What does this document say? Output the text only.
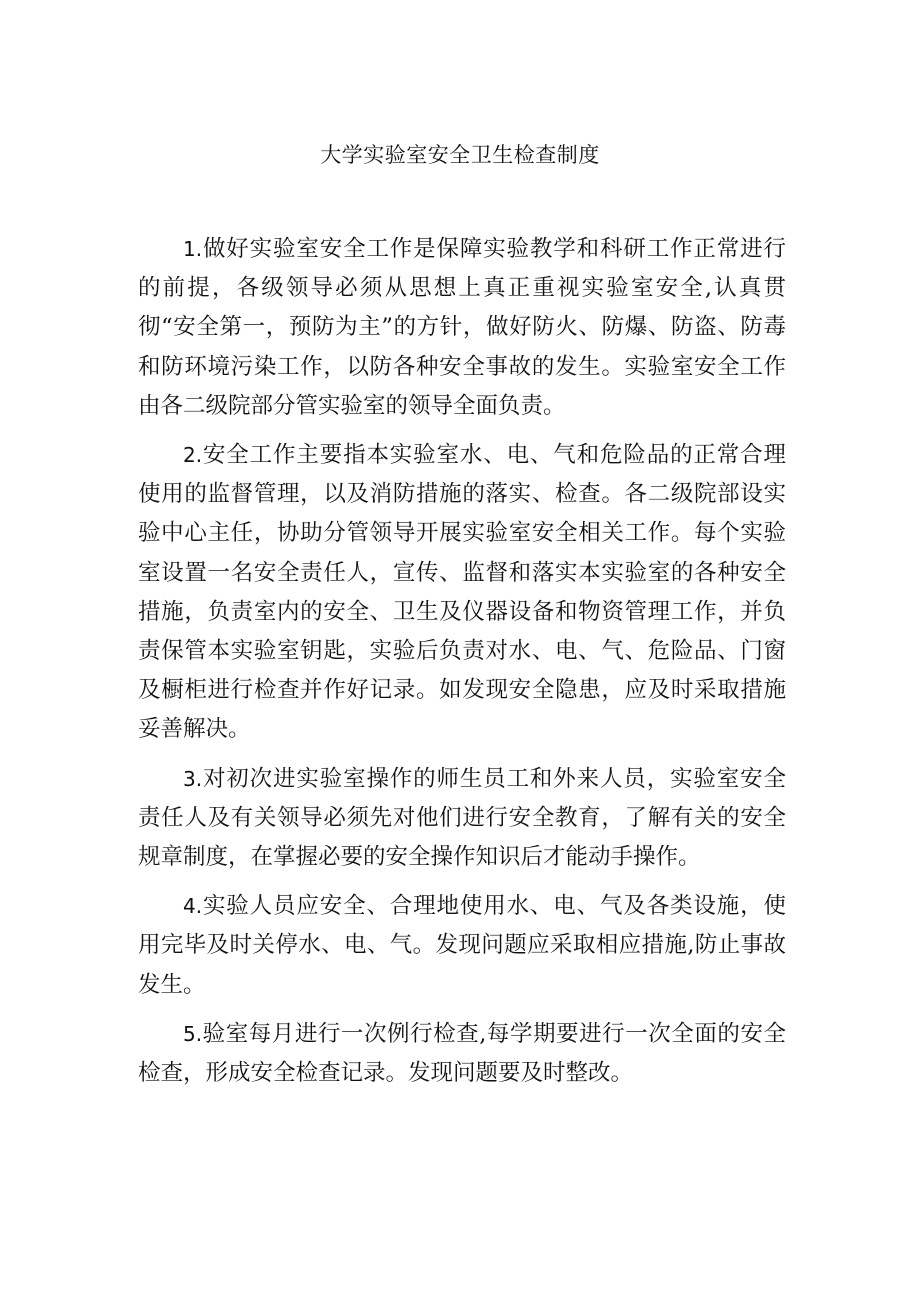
大学实验室安全卫生检查制度

1.做好实验室安全工作是保障实验教学和科研工作正常进行的前提，各级领导必须从思想上真正重视实验室安全,认真贯彻“安全第一，预防为主”的方针，做好防火、防爆、防盗、防毒和防环境污染工作，以防各种安全事故的发生。实验室安全工作由各二级院部分管实验室的领导全面负责。

2.安全工作主要指本实验室水、电、气和危险品的正常合理使用的监督管理，以及消防措施的落实、检查。各二级院部设实验中心主任，协助分管领导开展实验室安全相关工作。每个实验室设置一名安全责任人，宣传、监督和落实本实验室的各种安全措施，负责室内的安全、卫生及仪器设备和物资管理工作，并负责保管本实验室钥匙，实验后负责对水、电、气、危险品、门窗及橱柜进行检查并作好记录。如发现安全隐患，应及时采取措施妥善解决。

3.对初次进实验室操作的师生员工和外来人员，实验室安全责任人及有关领导必须先对他们进行安全教育，了解有关的安全规章制度，在掌握必要的安全操作知识后才能动手操作。

4.实验人员应安全、合理地使用水、电、气及各类设施，使用完毕及时关停水、电、气。发现问题应采取相应措施,防止事故发生。

5.验室每月进行一次例行检查,每学期要进行一次全面的安全检查，形成安全检查记录。发现问题要及时整改。
